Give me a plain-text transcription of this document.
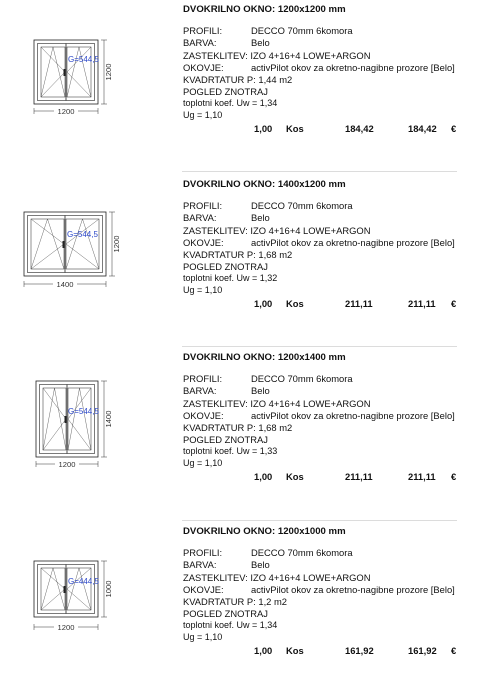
G=544,5
1200
1200
DVOKRILNO OKNO: 1200x1200 mm
PROFILI:	DECCO 70mm 6komora
BARVA:	Belo
ZASTEKLITEV:
IZO 4+16+4 LOWE+ARGON
OKOVJE:	activPilot okov za okretno-nagibne prozore [Belo]
KVADRTATUR P: 1,44 m2
POGLED ZNOTRAJ
toplotni koef. Uw = 1,34
Ug = 1,10
1,00 Kos	184,42	184,42 €
G=544,5
1200
1400
DVOKRILNO OKNO: 1400x1200 mm
PROFILI:	DECCO 70mm 6komora
BARVA:	Belo
ZASTEKLITEV:
IZO 4+16+4 LOWE+ARGON
OKOVJE:	activPilot okov za okretno-nagibne prozore [Belo]
KVADRTATUR P: 1,68 m2
POGLED ZNOTRAJ
toplotni koef. Uw = 1,32
Ug = 1,10
1,00 Kos	211,11	211,11 €
G=544,5 1400
1200
DVOKRILNO OKNO: 1200x1400 mm
PROFILI:	DECCO 70mm 6komora
BARVA:	Belo
ZASTEKLITEV:
IZO 4+16+4 LOWE+ARGON
OKOVJE:	activPilot okov za okretno-nagibne prozore [Belo]
KVADRTATUR P: 1,68 m2
POGLED ZNOTRAJ
toplotni koef. Uw = 1,33
Ug = 1,10
1,00 Kos	211,11	211,11 €
G=444,5 1000
1200
DVOKRILNO OKNO: 1200x1000 mm
PROFILI:	DECCO 70mm 6komora
BARVA:	Belo
ZASTEKLITEV:
IZO 4+16+4 LOWE+ARGON
OKOVJE:	activPilot okov za okretno-nagibne prozore [Belo]
KVADRTATUR P: 1,2 m2
POGLED ZNOTRAJ
toplotni koef. Uw = 1,34
Ug = 1,10
1,00 Kos	161,92	161,92 €
